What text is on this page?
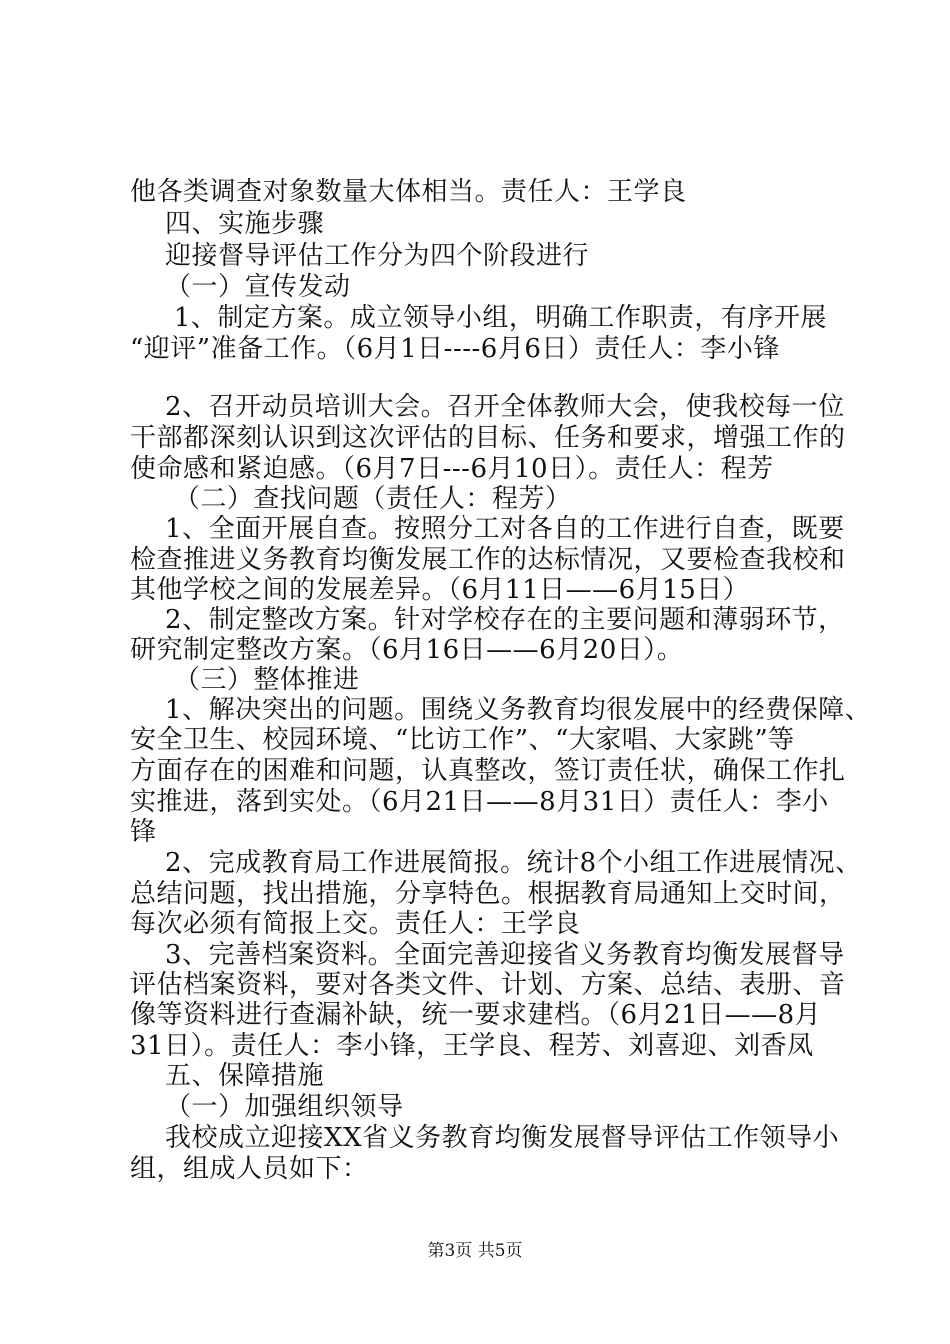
他各类调查对象数量大体相当。责任人：王学良
四、实施步骤
迎接督导评估工作分为四个阶段进行
（一）宣传发动
1、制定方案。成立领导小组，明确工作职责，有序开展
“迎评”准备工作。（6月1日----6月6日）责任人：李小锋
2、召开动员培训大会。召开全体教师大会，使我校每一位
干部都深刻认识到这次评估的目标、任务和要求，增强工作的
使命感和紧迫感。（6月7日---6月10日）。责任人：程芳
（二）查找问题（责任人：程芳）
1、全面开展自查。按照分工对各自的工作进行自查，既要
检查推进义务教育均衡发展工作的达标情况，又要检查我校和
其他学校之间的发展差异。（6月11日——6月15日）
2、制定整改方案。针对学校存在的主要问题和薄弱环节，
研究制定整改方案。（6月16日——6月20日）。
（三）整体推进
1、解决突出的问题。围绕义务教育均很发展中的经费保障、
安全卫生、校园环境、“比访工作”、“大家唱、大家跳”等
方面存在的困难和问题，认真整改，签订责任状，确保工作扎
实推进，落到实处。（6月21日——8月31日）责任人：李小
锋
2、完成教育局工作进展简报。统计8个小组工作进展情况、
总结问题，找出措施，分享特色。根据教育局通知上交时间，
每次必须有简报上交。责任人：王学良
3、完善档案资料。全面完善迎接省义务教育均衡发展督导
评估档案资料，要对各类文件、计划、方案、总结、表册、音
像等资料进行查漏补缺，统一要求建档。（6月21日——8月
31日）。责任人：李小锋，王学良、程芳、刘喜迎、刘香凤
五、保障措施
（一）加强组织领导
我校成立迎接XX省义务教育均衡发展督导评估工作领导小
组，组成人员如下：
第3页 共5页
